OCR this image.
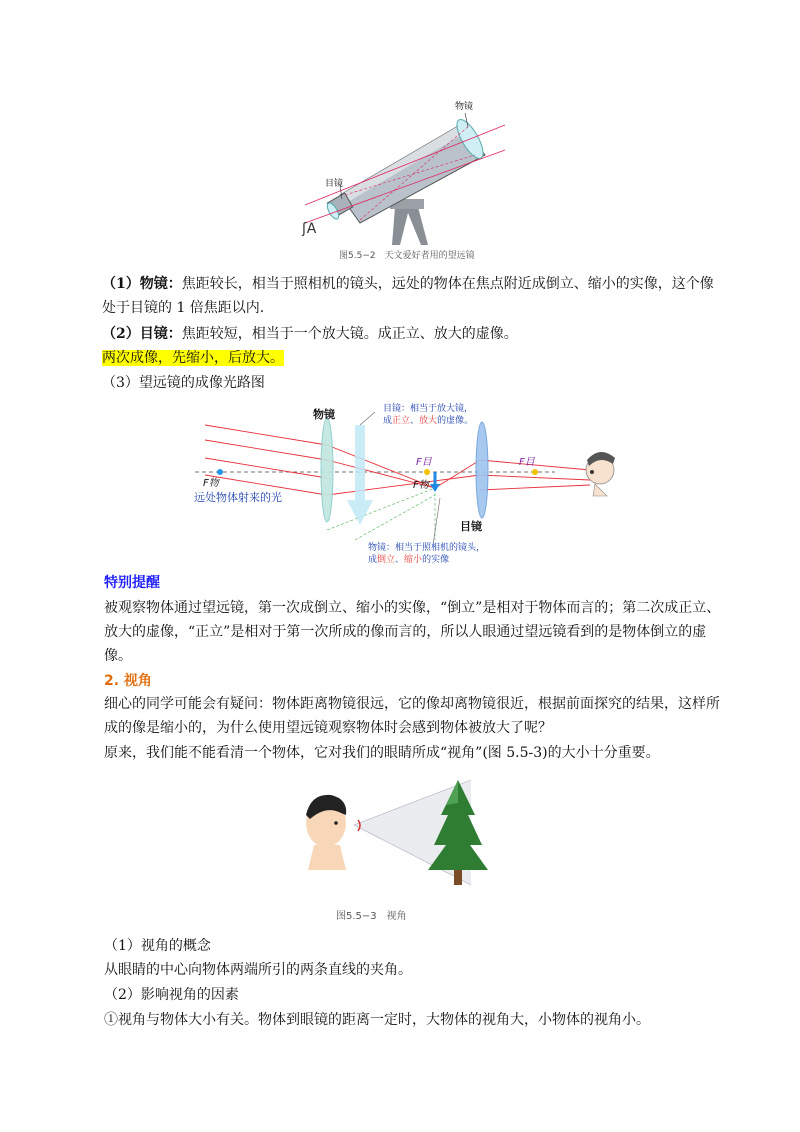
ʃA
物镜
目镜
图5.5−2　天文爱好者用的望远镜
（1）物镜：焦距较长，相当于照相机的镜头，远处的物体在焦点附近成倒立、缩小的实像，这个像处于目镜的 1 倍焦距以内.
（2）目镜：焦距较短，相当于一个放大镜。成正立、放大的虚像。
两次成像，先缩小，后放大。
（3）望远镜的成像光路图
物镜
目镜
目镜：相当于放大镜，
成正立、放大的虚像。
物镜：相当于照相机的镜头，
成倒立、缩小的实像
F物	F物
F目	F目
远处物体射来的光
特别提醒
被观察物体通过望远镜，第一次成倒立、缩小的实像，“倒立”是相对于物体而言的；第二次成正立、放大的虚像，“正立”是相对于第一次所成的像而言的，所以人眼通过望远镜看到的是物体倒立的虚像。
2. 视角
细心的同学可能会有疑问：物体距离物镜很远，它的像却离物镜很近，根据前面探究的结果，这样所成的像是缩小的，为什么使用望远镜观察物体时会感到物体被放大了呢？
原来，我们能不能看清一个物体，它对我们的眼睛所成“视角”(图 5.5-3)的大小十分重要。
图5.5−3　视角
（1）视角的概念
从眼睛的中心向物体两端所引的两条直线的夹角。
（2）影响视角的因素
①视角与物体大小有关。物体到眼镜的距离一定时，大物体的视角大，小物体的视角小。
